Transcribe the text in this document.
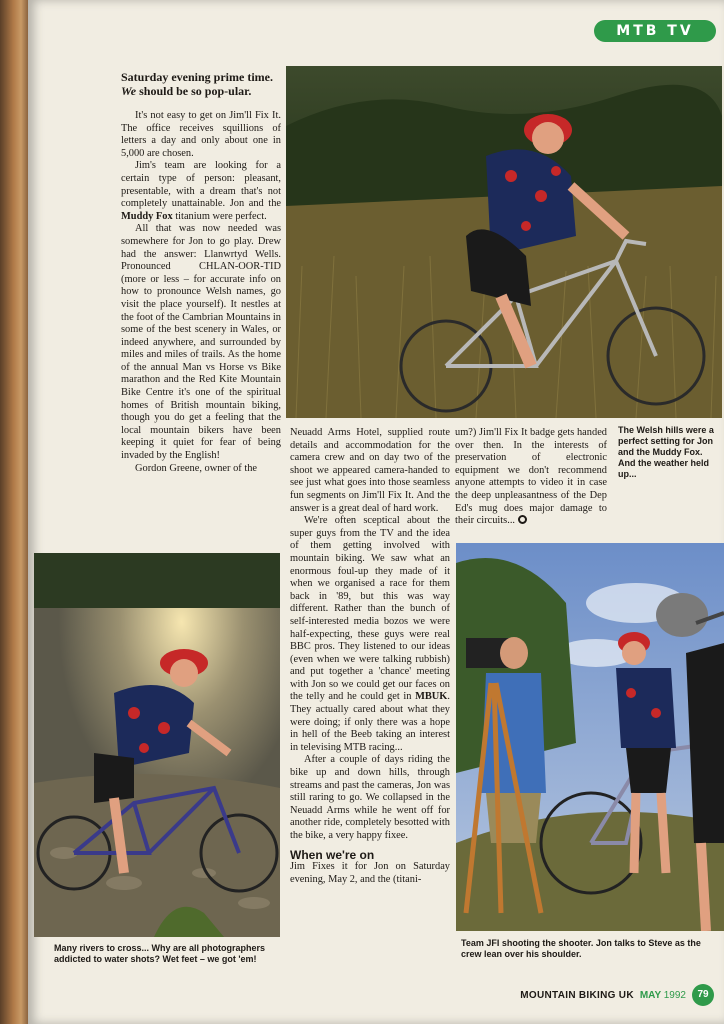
MTB TV

Saturday evening prime time. We should be so pop-ular.

It's not easy to get on Jim'll Fix It. The office receives squillions of letters a day and only about one in 5,000 are chosen.

Jim's team are looking for a certain type of person: pleasant, presentable, with a dream that's not completely unattainable. Jon and the Muddy Fox titanium were perfect.

All that was now needed was somewhere for Jon to go play. Drew had the answer: Llanwrtyd Wells. Pronounced CHLAN-OOR-TID (more or less – for accurate info on how to pronounce Welsh names, go visit the place yourself). It nestles at the foot of the Cambrian Mountains in some of the best scenery in Wales, or indeed anywhere, and surrounded by miles and miles of trails. As the home of the annual Man vs Horse vs Bike marathon and the Red Kite Mountain Bike Centre it's one of the spiritual homes of British mountain biking, though you do get a feeling that the local mountain bikers have been keeping it quiet for fear of being invaded by the English!

Gordon Greene, owner of the

Neuadd Arms Hotel, supplied route details and accommodation for the camera crew and on day two of the shoot we appeared camera-handed to see just what goes into those seamless fun segments on Jim'll Fix It. And the answer is a great deal of hard work.

We're often sceptical about the super guys from the TV and the idea of them getting involved with mountain biking. We saw what an enormous foul-up they made of it when we organised a race for them back in '89, but this was way different. Rather than the bunch of self-interested media bozos we were half-expecting, these guys were real BBC pros. They listened to our ideas (even when we were talking rubbish) and put together a 'chance' meeting with Jon so we could get our faces on the telly and he could get in MBUK. They actually cared about what they were doing; if only there was a hope in hell of the Beeb taking an interest in televising MTB racing...

After a couple of days riding the bike up and down hills, through streams and past the cameras, Jon was still raring to go. We collapsed in the Neuadd Arms while he went off for another ride, completely besotted with the bike, a very happy fixee.

When we're on

Jim Fixes it for Jon on Saturday evening, May 2, and the (titani-

um?) Jim'll Fix It badge gets handed over then. In the interests of preservation of electronic equipment we don't recommend anyone attempts to video it in case the deep unpleasantness of the Dep Ed's mug does major damage to their circuits...

The Welsh hills were a perfect setting for Jon and the Muddy Fox. And the weather held up...
Many rivers to cross... Why are all photographers addicted to water shots? Wet feet – we got 'em!
Team JFI shooting the shooter. Jon talks to Steve as the crew lean over his shoulder.
MOUNTAIN BIKING UK MAY 1992	79
